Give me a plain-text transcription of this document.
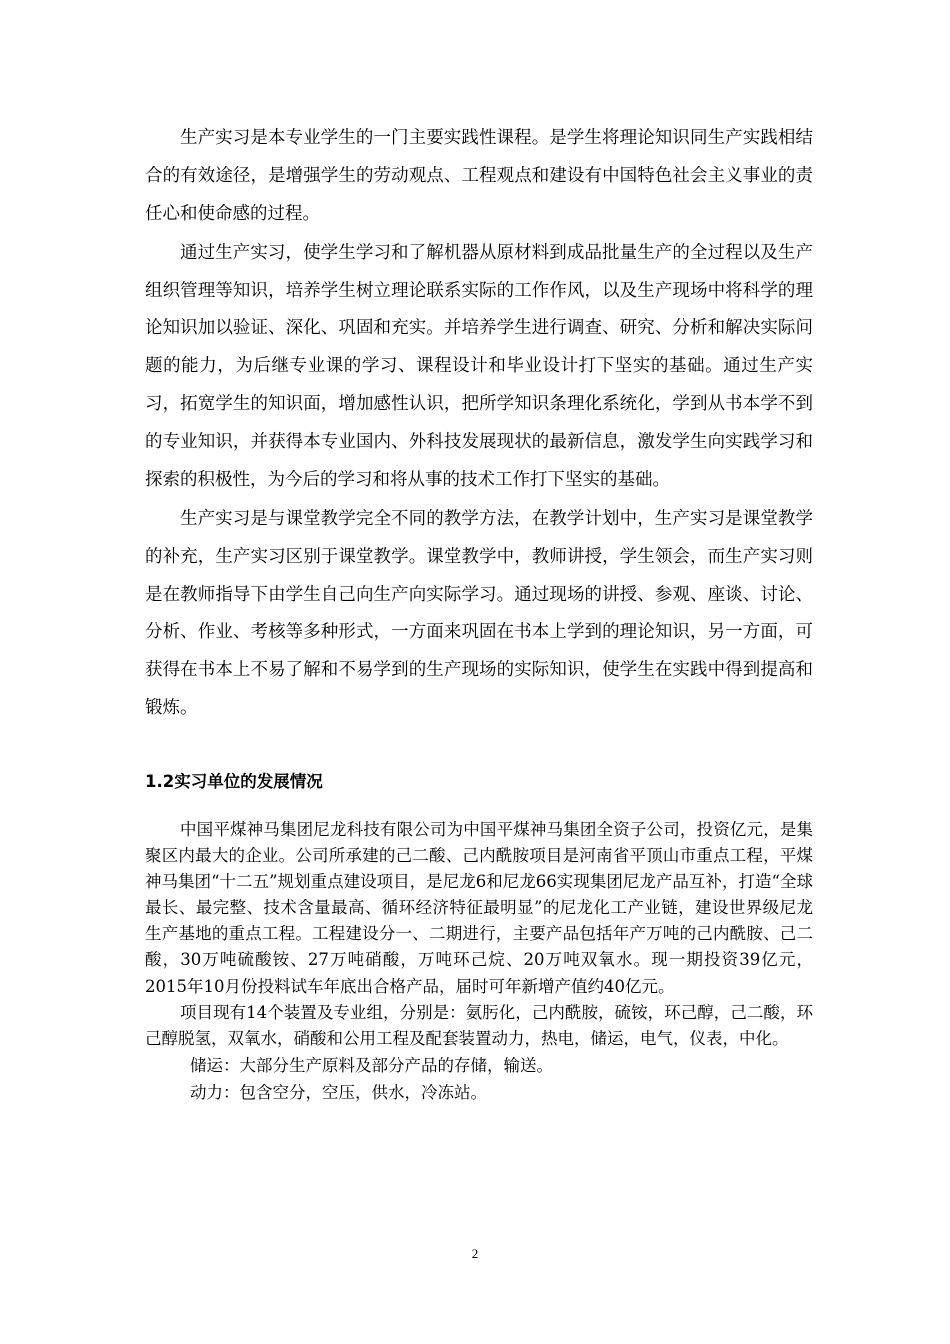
生产实习是本专业学生的一门主要实践性课程。是学生将理论知识同生产实践相结合的有效途径，是增强学生的劳动观点、工程观点和建设有中国特色社会主义事业的责任心和使命感的过程。

通过生产实习，使学生学习和了解机器从原材料到成品批量生产的全过程以及生产组织管理等知识，培养学生树立理论联系实际的工作作风，以及生产现场中将科学的理论知识加以验证、深化、巩固和充实。并培养学生进行调查、研究、分析和解决实际问题的能力，为后继专业课的学习、课程设计和毕业设计打下坚实的基础。通过生产实习，拓宽学生的知识面，增加感性认识，把所学知识条理化系统化，学到从书本学不到的专业知识，并获得本专业国内、外科技发展现状的最新信息，激发学生向实践学习和探索的积极性，为今后的学习和将从事的技术工作打下坚实的基础。

生产实习是与课堂教学完全不同的教学方法，在教学计划中，生产实习是课堂教学的补充，生产实习区别于课堂教学。课堂教学中，教师讲授，学生领会，而生产实习则是在教师指导下由学生自己向生产向实际学习。通过现场的讲授、参观、座谈、讨论、分析、作业、考核等多种形式，一方面来巩固在书本上学到的理论知识，另一方面，可获得在书本上不易了解和不易学到的生产现场的实际知识，使学生在实践中得到提高和锻炼。

1.2实习单位的发展情况

中国平煤神马集团尼龙科技有限公司为中国平煤神马集团全资子公司，投资亿元，是集聚区内最大的企业。公司所承建的己二酸、己内酰胺项目是河南省平顶山市重点工程，平煤神马集团“十二五”规划重点建设项目，是尼龙6和尼龙66实现集团尼龙产品互补，打造“全球最长、最完整、技术含量最高、循环经济特征最明显”的尼龙化工产业链，建设世界级尼龙生产基地的重点工程。工程建设分一、二期进行，主要产品包括年产万吨的己内酰胺、己二酸，30万吨硫酸铵、27万吨硝酸，万吨环己烷、20万吨双氧水。现一期投资39亿元，2015年10月份投料试车年底出合格产品，届时可年新增产值约40亿元。

项目现有14个装置及专业组，分别是：氨肟化，己内酰胺，硫铵，环己醇，己二酸，环己醇脱氢，双氧水，硝酸和公用工程及配套装置动力，热电，储运，电气，仪表，中化。

储运：大部分生产原料及部分产品的存储，输送。

动力：包含空分，空压，供水，冷冻站。

2
